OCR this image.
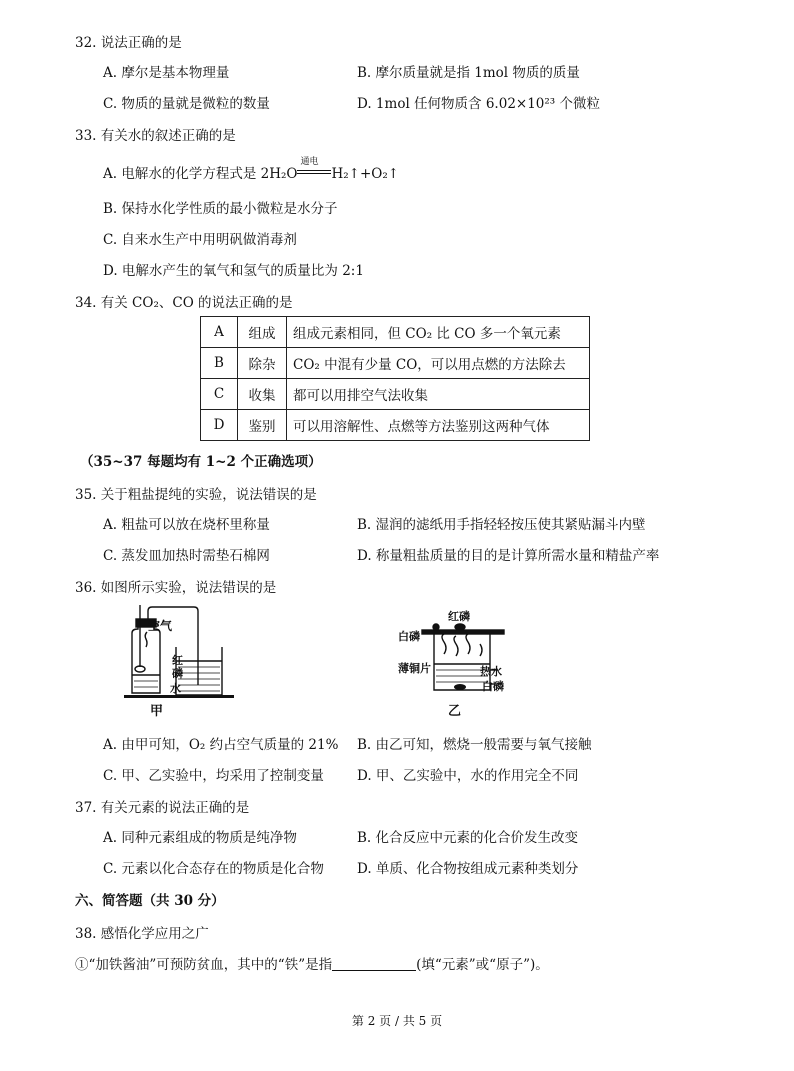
32. 说法正确的是
A. 摩尔是基本物理量	B. 摩尔质量就是指 1mol 物质的质量
C. 物质的量就是微粒的数量	D. 1mol 任何物质含 6.02×10²³ 个微粒
33. 有关水的叙述正确的是
A. 电解水的化学方程式是 2H₂O
通电
H₂↑+O₂↑
B. 保持水化学性质的最小微粒是水分子
C. 自来水生产中用明矾做消毒剂
D. 电解水产生的氧气和氢气的质量比为 2:1
34. 有关 CO₂、CO 的说法正确的是
A	组成	组成元素相同，但 CO₂ 比 CO 多一个氧元素
B	除杂	CO₂ 中混有少量 CO，可以用点燃的方法除去
C	收集	都可以用排空气法收集
D	鉴别	可以用溶解性、点燃等方法鉴别这两种气体
（35~37 每题均有 1~2 个正确选项）
35. 关于粗盐提纯的实验，说法错误的是
A. 粗盐可以放在烧杯里称量	B. 湿润的滤纸用手指轻轻按压使其紧贴漏斗内壁
C. 蒸发皿加热时需垫石棉网	D. 称量粗盐质量的目的是计算所需水量和精盐产率
36. 如图所示实验，说法错误的是
空气
红
磷
水
甲
红磷
白磷
薄铜片	热水
白磷
乙
A. 由甲可知，O₂ 约占空气质量的 21% B. 由乙可知，燃烧一般需要与氧气接触
C. 甲、乙实验中，均采用了控制变量 D. 甲、乙实验中，水的作用完全不同
37. 有关元素的说法正确的是
A. 同种元素组成的物质是纯净物	B. 化合反应中元素的化合价发生改变
C. 元素以化合态存在的物质是化合物 D. 单质、化合物按组成元素种类划分
六、简答题（共 30 分）
38. 感悟化学应用之广
①“加铁酱油”可预防贫血，其中的“铁”是指	(填“元素”或“原子”)。
第 2 页 / 共 5 页
